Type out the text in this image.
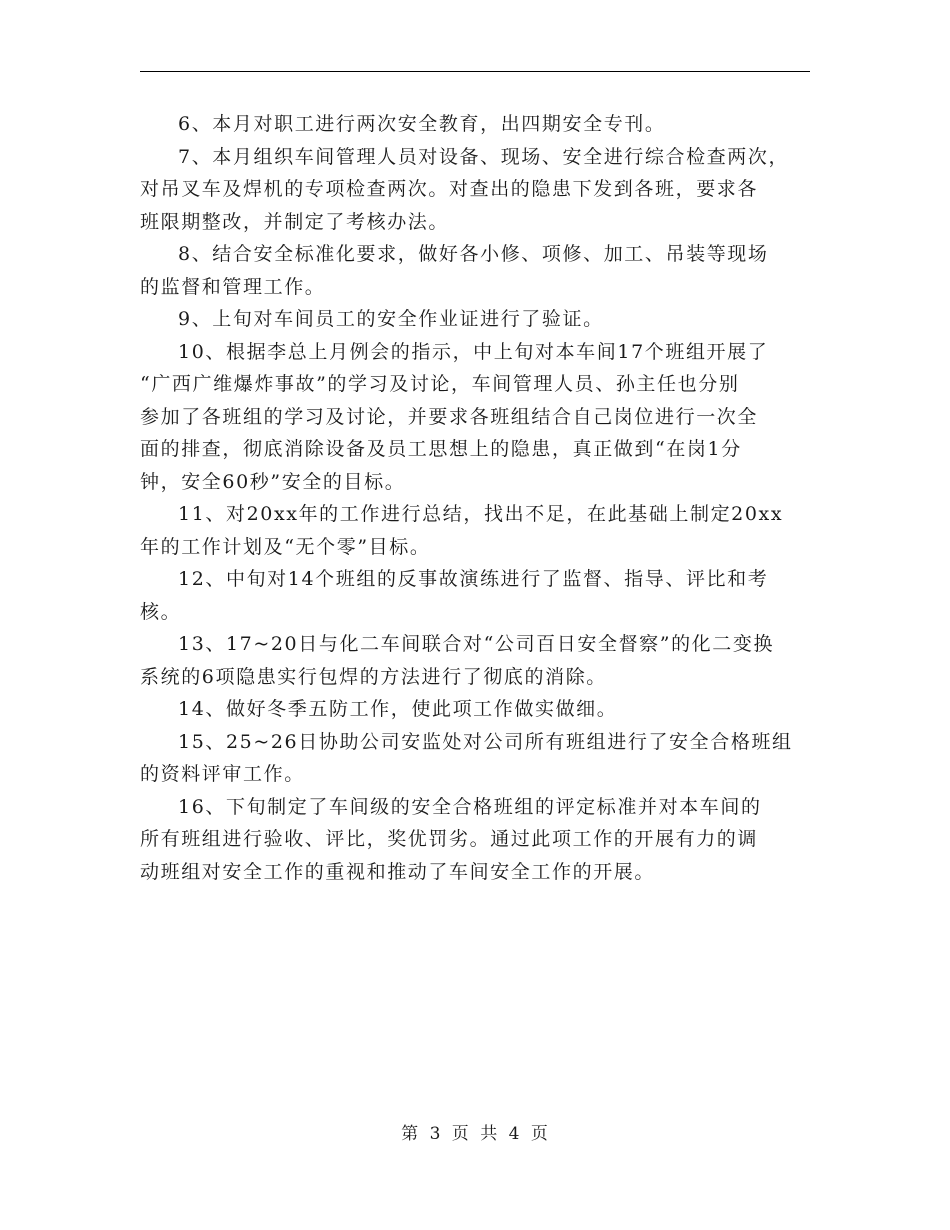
6、本月对职工进行两次安全教育，出四期安全专刊。

7、本月组织车间管理人员对设备、现场、安全进行综合检查两次，
对吊叉车及焊机的专项检查两次。对查出的隐患下发到各班，要求各
班限期整改，并制定了考核办法。

8、结合安全标准化要求，做好各小修、项修、加工、吊装等现场
的监督和管理工作。

9、上旬对车间员工的安全作业证进行了验证。

10、根据李总上月例会的指示，中上旬对本车间17个班组开展了
“广西广维爆炸事故”的学习及讨论，车间管理人员、孙主任也分别
参加了各班组的学习及讨论，并要求各班组结合自己岗位进行一次全
面的排查，彻底消除设备及员工思想上的隐患，真正做到“在岗1分
钟，安全60秒”安全的目标。

11、对20xx年的工作进行总结，找出不足，在此基础上制定20xx
年的工作计划及“无个零”目标。

12、中旬对14个班组的反事故演练进行了监督、指导、评比和考
核。

13、17~20日与化二车间联合对“公司百日安全督察”的化二变换
系统的6项隐患实行包焊的方法进行了彻底的消除。

14、做好冬季五防工作，使此项工作做实做细。

15、25~26日协助公司安监处对公司所有班组进行了安全合格班组
的资料评审工作。

16、下旬制定了车间级的安全合格班组的评定标准并对本车间的
所有班组进行验收、评比，奖优罚劣。通过此项工作的开展有力的调
动班组对安全工作的重视和推动了车间安全工作的开展。

第 3 页 共 4 页
